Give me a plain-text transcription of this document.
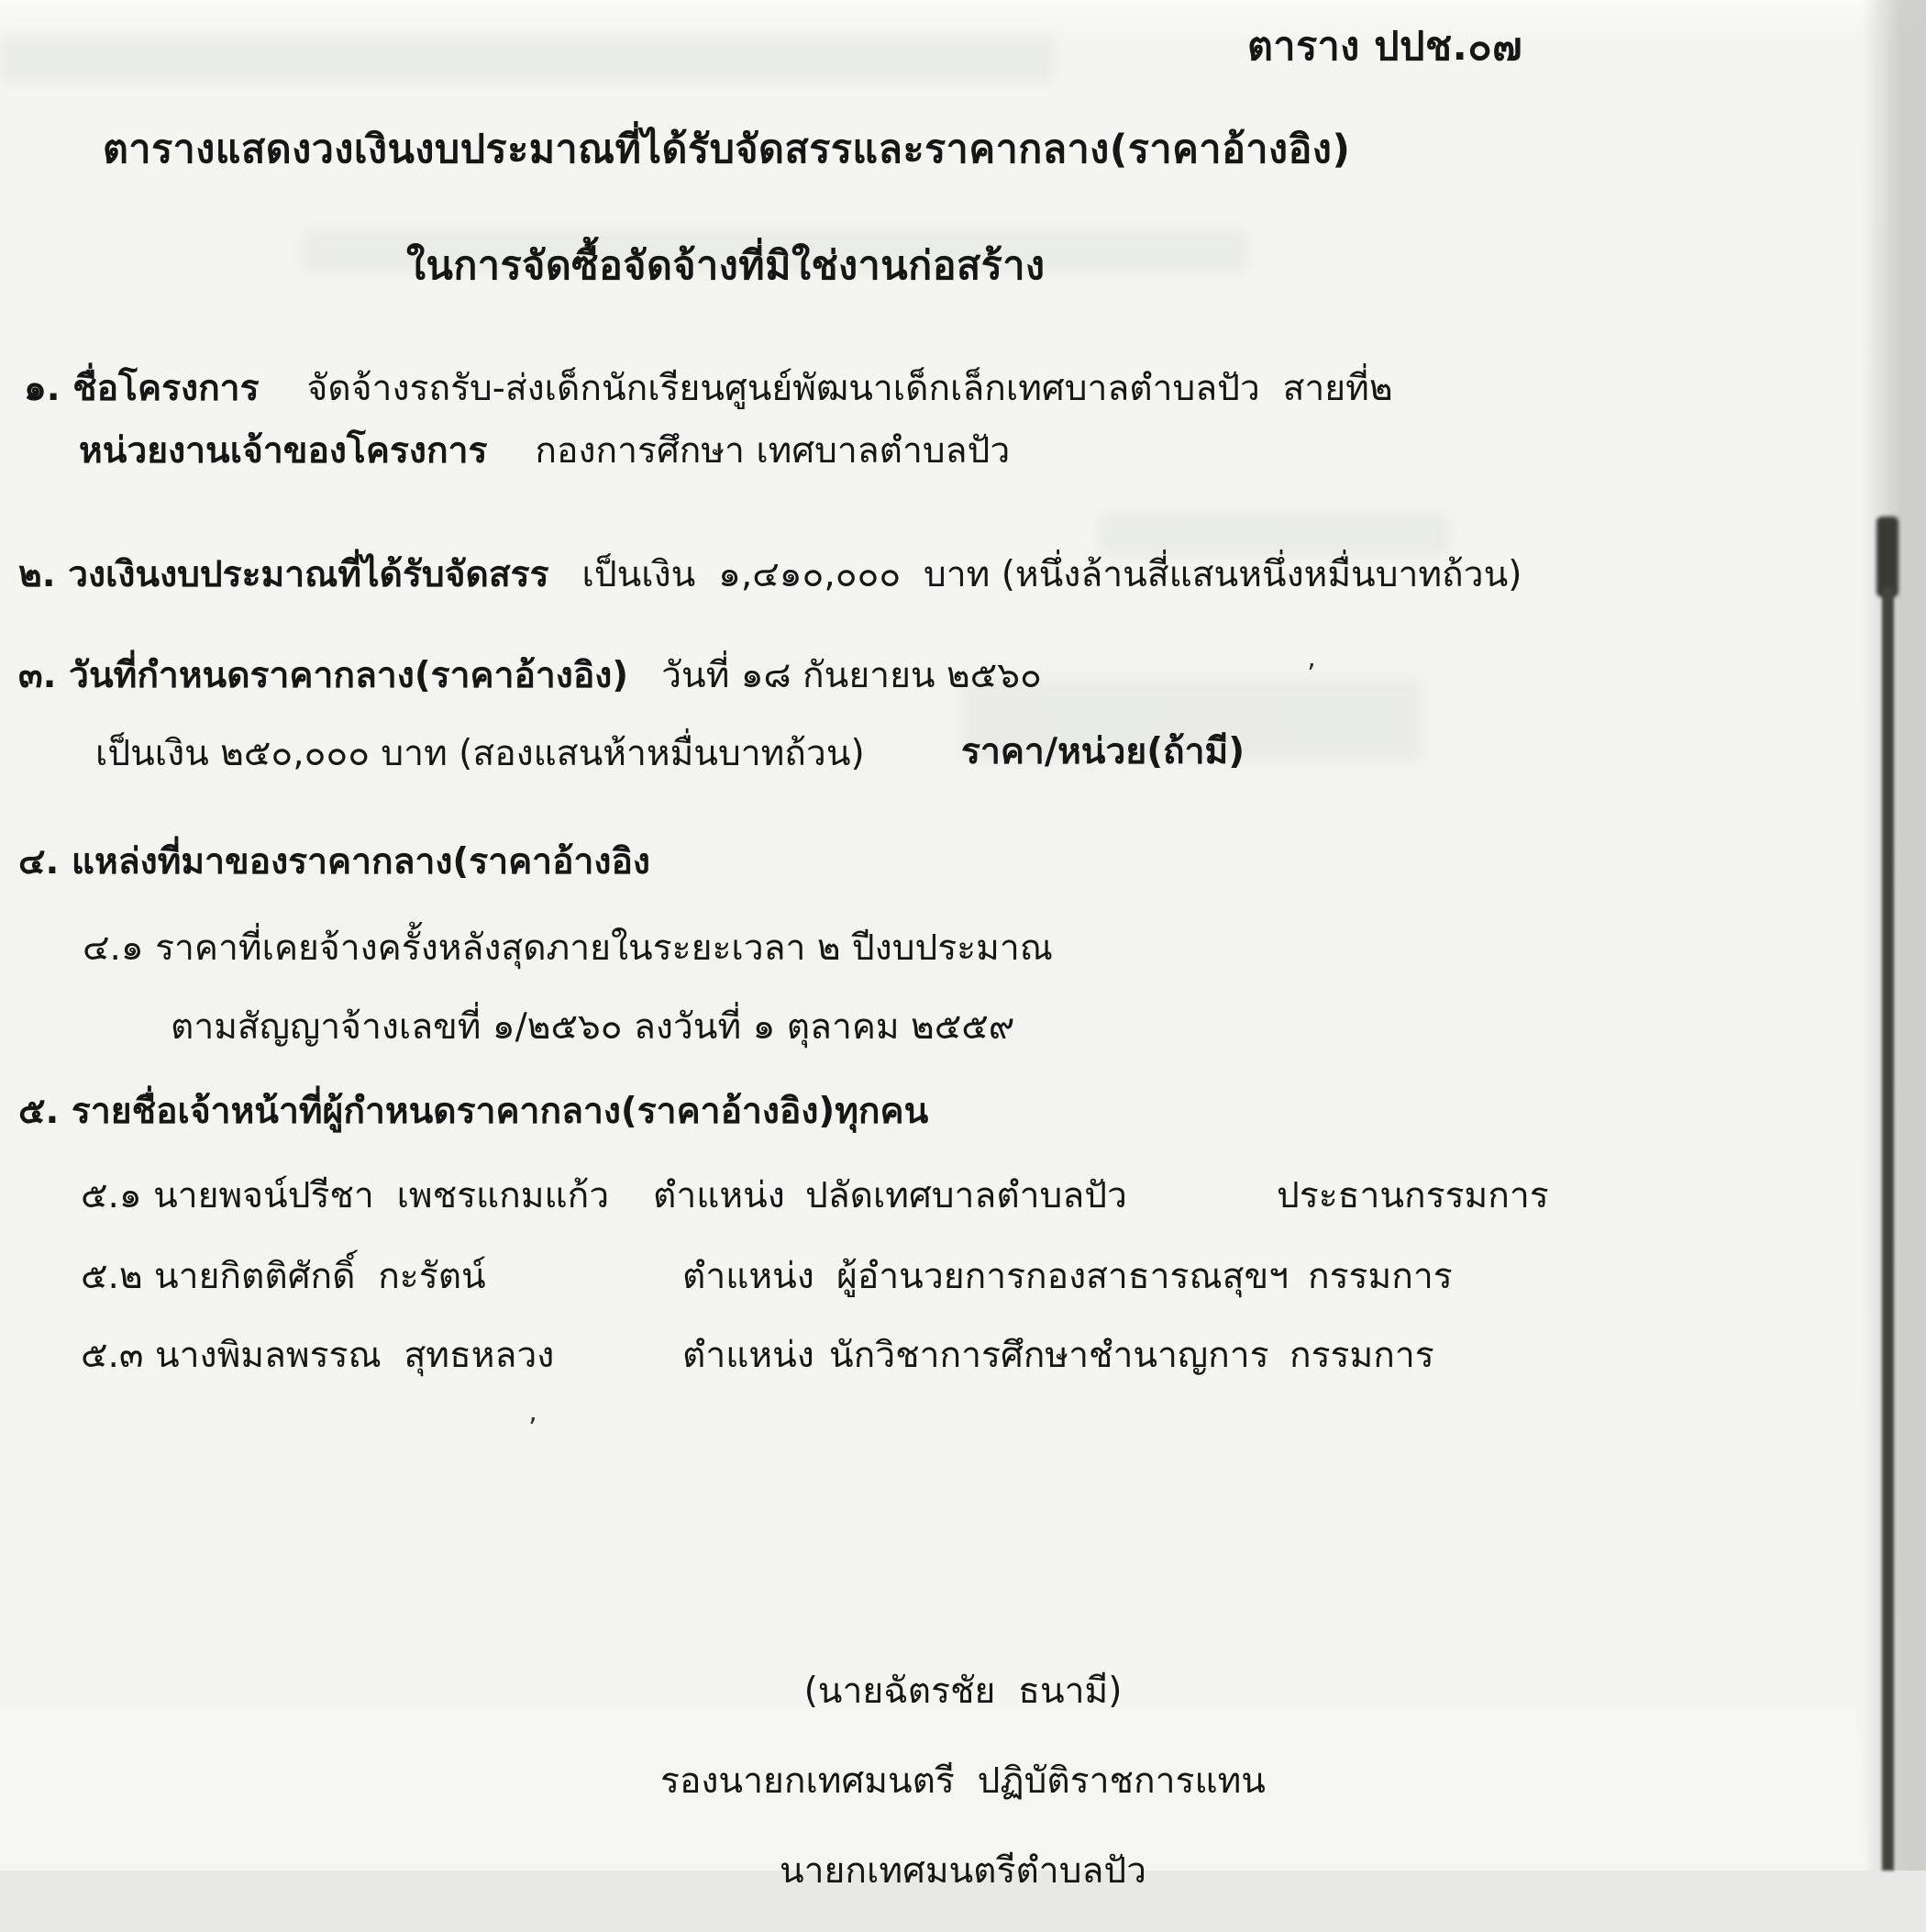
ตาราง ปปช.๐๗
ตารางแสดงวงเงินงบประมาณที่ได้รับจัดสรรและราคากลาง(ราคาอ้างอิง)
ในการจัดซื้อจัดจ้างที่มิใช่งานก่อสร้าง
๑. ชื่อโครงการ จัดจ้างรถรับ-ส่งเด็กนักเรียนศูนย์พัฒนาเด็กเล็กเทศบาลตำบลปัว  สายที่๒
หน่วยงานเจ้าของโครงการ กองการศึกษา เทศบาลตำบลปัว
๒. วงเงินงบประมาณที่ได้รับจัดสรร เป็นเงิน  ๑,๔๑๐,๐๐๐  บาท (หนึ่งล้านสี่แสนหนึ่งหมื่นบาทถ้วน)
๓. วันที่กำหนดราคากลาง(ราคาอ้างอิง) วันที่ ๑๘ กันยายน ๒๕๖๐	’
เป็นเงิน ๒๕๐,๐๐๐ บาท (สองแสนห้าหมื่นบาทถ้วน)	ราคา/หน่วย(ถ้ามี)
๔. แหล่งที่มาของราคากลาง(ราคาอ้างอิง
๔.๑ ราคาที่เคยจ้างครั้งหลังสุดภายในระยะเวลา ๒ ปีงบประมาณ
ตามสัญญาจ้างเลขที่ ๑/๒๕๖๐ ลงวันที่ ๑ ตุลาคม ๒๕๕๙
๕. รายชื่อเจ้าหน้าที่ผู้กำหนดราคากลาง(ราคาอ้างอิง)ทุกคน
๕.๑ นายพจน์ปรีชา  เพชรแกมแก้ว ตำแหน่ง ปลัดเทศบาลตำบลปัว	ประธานกรรมการ
๕.๒ นายกิตติศักดิ์  กะรัตน์	ตำแหน่ง ผู้อำนวยการกองสาธารณสุขฯ กรรมการ
๕.๓ นางพิมลพรรณ  สุทธหลวง	ตำแหน่ง นักวิชาการศึกษาชำนาญการ กรรมการ
’
(นายฉัตรชัย  ธนามี)
รองนายกเทศมนตรี  ปฏิบัติราชการแทน
นายกเทศมนตรีตำบลปัว
